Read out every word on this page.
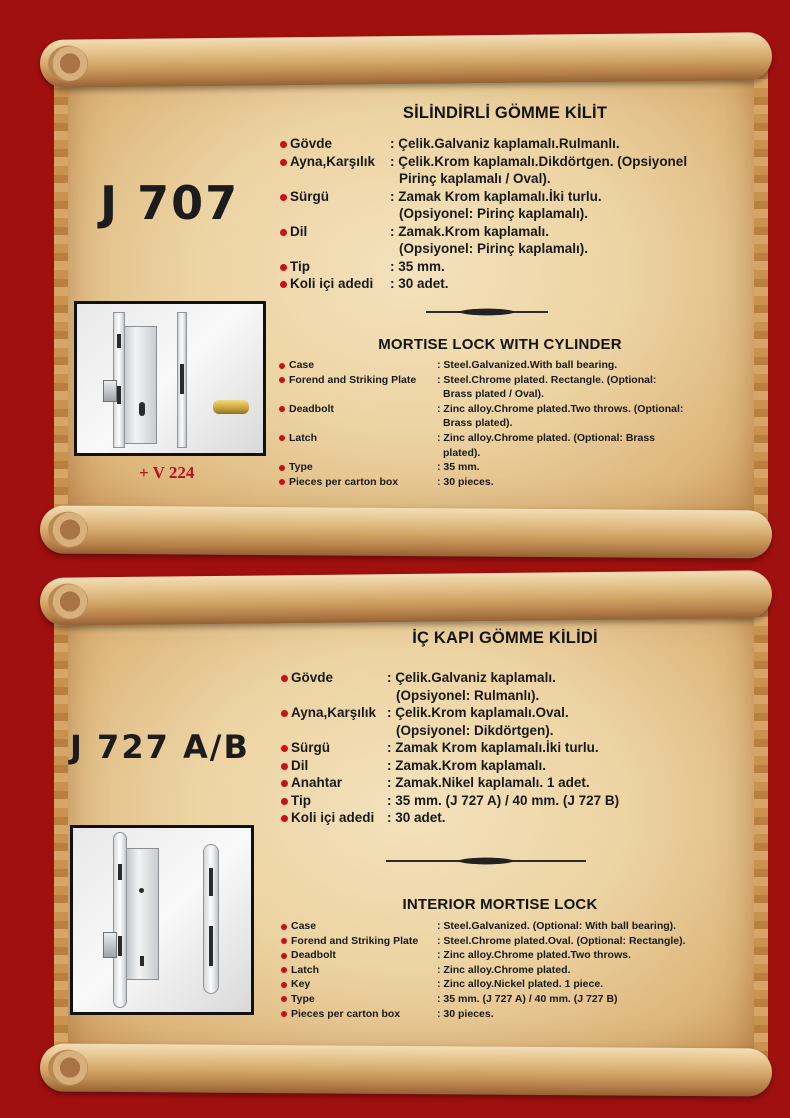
J 707
+ V 224
SİLİNDİRLİ GÖMME KİLİT
Gövde	: Çelik.Galvaniz kaplamalı.Rulmanlı.
Ayna,Karşılık	: Çelik.Krom kaplamalı.Dikdörtgen. (Opsiyonel
Pirinç kaplamalı / Oval).
Sürgü	: Zamak Krom kaplamalı.İki turlu.
(Opsiyonel: Pirinç kaplamalı).
Dil	: Zamak.Krom kaplamalı.
(Opsiyonel: Pirinç kaplamalı).
Tip	: 35 mm.
Koli içi adedi	: 30 adet.
MORTISE LOCK WITH CYLINDER
Case	: Steel.Galvanized.With ball bearing.
Forend and Striking Plate	: Steel.Chrome plated. Rectangle. (Optional:
Brass plated / Oval).
Deadbolt	: Zinc alloy.Chrome plated.Two throws. (Optional:
Brass plated).
Latch	: Zinc alloy.Chrome plated. (Optional: Brass
plated).
Type	: 35 mm.
Pieces per carton box	: 30 pieces.
J 727 A/B
İÇ KAPI GÖMME KİLİDİ
Gövde	: Çelik.Galvaniz kaplamalı.
(Opsiyonel: Rulmanlı).
Ayna,Karşılık : Çelik.Krom kaplamalı.Oval.
(Opsiyonel: Dikdörtgen).
Sürgü	: Zamak Krom kaplamalı.İki turlu.
Dil	: Zamak.Krom kaplamalı.
Anahtar	: Zamak.Nikel kaplamalı. 1 adet.
Tip	: 35 mm. (J 727 A) / 40 mm. (J 727 B)
Koli içi adedi : 30 adet.
INTERIOR MORTISE LOCK
Case	: Steel.Galvanized. (Optional: With ball bearing).
Forend and Striking Plate	: Steel.Chrome plated.Oval. (Optional: Rectangle).
Deadbolt	: Zinc alloy.Chrome plated.Two throws.
Latch	: Zinc alloy.Chrome plated.
Key	: Zinc alloy.Nickel plated. 1 piece.
Type	: 35 mm. (J 727 A) / 40 mm. (J 727 B)
Pieces per carton box	: 30 pieces.
